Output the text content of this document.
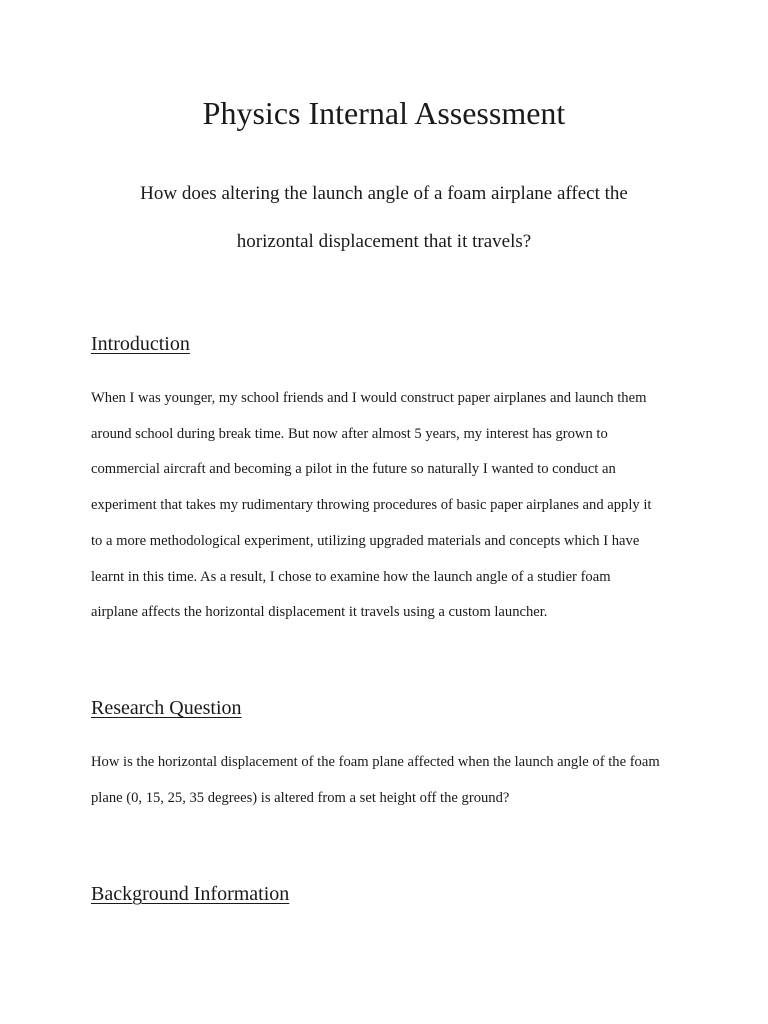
Physics Internal Assessment

How does altering the launch angle of a foam airplane affect the
horizontal displacement that it travels?

Introduction

When I was younger, my school friends and I would construct paper airplanes and launch them
around school during break time. But now after almost 5 years, my interest has grown to
commercial aircraft and becoming a pilot in the future so naturally I wanted to conduct an
experiment that takes my rudimentary throwing procedures of basic paper airplanes and apply it
to a more methodological experiment, utilizing upgraded materials and concepts which I have
learnt in this time. As a result, I chose to examine how the launch angle of a studier foam
airplane affects the horizontal displacement it travels using a custom launcher.

Research Question

How is the horizontal displacement of the foam plane affected when the launch angle of the foam
plane (0, 15, 25, 35 degrees) is altered from a set height off the ground?

Background Information
